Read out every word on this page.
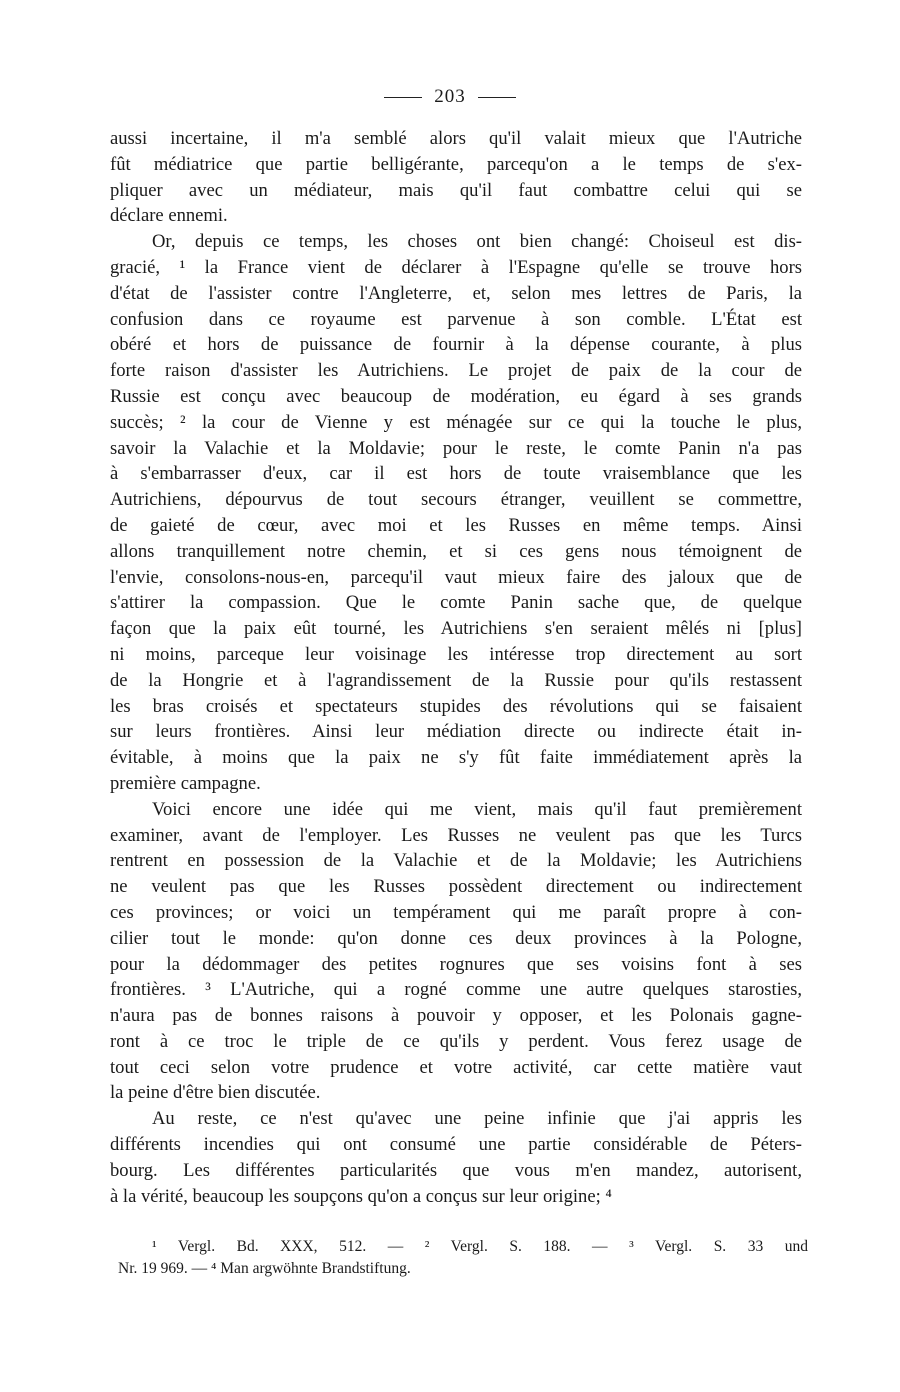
203
aussi incertaine, il m'a semblé alors qu'il valait mieux que l'Autriche
fût médiatrice que partie belligérante, parcequ'on a le temps de s'ex-
pliquer avec un médiateur, mais qu'il faut combattre celui qui se
déclare ennemi.
Or, depuis ce temps, les choses ont bien changé: Choiseul est dis-
gracié, ¹ la France vient de déclarer à l'Espagne qu'elle se trouve hors
d'état de l'assister contre l'Angleterre, et, selon mes lettres de Paris, la
confusion dans ce royaume est parvenue à son comble. L'État est
obéré et hors de puissance de fournir à la dépense courante, à plus
forte raison d'assister les Autrichiens. Le projet de paix de la cour de
Russie est conçu avec beaucoup de modération, eu égard à ses grands
succès; ² la cour de Vienne y est ménagée sur ce qui la touche le plus,
savoir la Valachie et la Moldavie; pour le reste, le comte Panin n'a pas
à s'embarrasser d'eux, car il est hors de toute vraisemblance que les
Autrichiens, dépourvus de tout secours étranger, veuillent se commettre,
de gaieté de cœur, avec moi et les Russes en même temps. Ainsi
allons tranquillement notre chemin, et si ces gens nous témoignent de
l'envie, consolons-nous-en, parcequ'il vaut mieux faire des jaloux que de
s'attirer la compassion. Que le comte Panin sache que, de quelque
façon que la paix eût tourné, les Autrichiens s'en seraient mêlés ni [plus]
ni moins, parceque leur voisinage les intéresse trop directement au sort
de la Hongrie et à l'agrandissement de la Russie pour qu'ils restassent
les bras croisés et spectateurs stupides des révolutions qui se faisaient
sur leurs frontières. Ainsi leur médiation directe ou indirecte était in-
évitable, à moins que la paix ne s'y fût faite immédiatement après la
première campagne.
Voici encore une idée qui me vient, mais qu'il faut premièrement
examiner, avant de l'employer. Les Russes ne veulent pas que les Turcs
rentrent en possession de la Valachie et de la Moldavie; les Autrichiens
ne veulent pas que les Russes possèdent directement ou indirectement
ces provinces; or voici un tempérament qui me paraît propre à con-
cilier tout le monde: qu'on donne ces deux provinces à la Pologne,
pour la dédommager des petites rognures que ses voisins font à ses
frontières. ³ L'Autriche, qui a rogné comme une autre quelques starosties,
n'aura pas de bonnes raisons à pouvoir y opposer, et les Polonais gagne-
ront à ce troc le triple de ce qu'ils y perdent. Vous ferez usage de
tout ceci selon votre prudence et votre activité, car cette matière vaut
la peine d'être bien discutée.
Au reste, ce n'est qu'avec une peine infinie que j'ai appris les
différents incendies qui ont consumé une partie considérable de Péters-
bourg. Les différentes particularités que vous m'en mandez, autorisent,
à la vérité, beaucoup les soupçons qu'on a conçus sur leur origine; ⁴
¹ Vergl. Bd. XXX, 512. — ² Vergl. S. 188. — ³ Vergl. S. 33 und
Nr. 19 969. — ⁴ Man argwöhnte Brandstiftung.
